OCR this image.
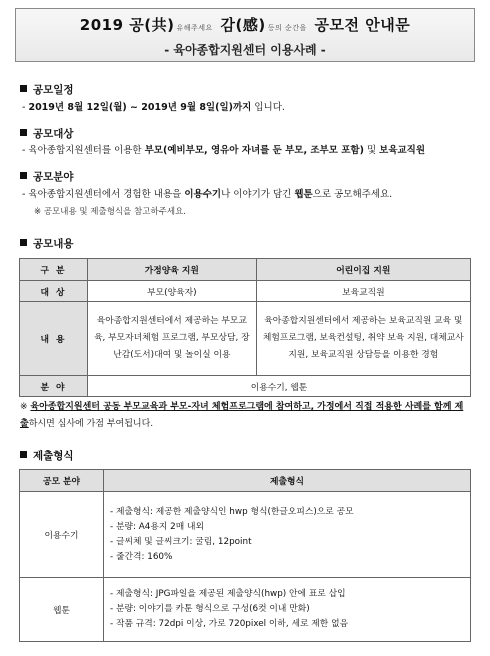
2019 공(共) 유해주세요 감(感) 등의 순간을 공모전 안내문
- 육아종합지원센터 이용사례 -
공모일정
- 2019년 8월 12일(월) ~ 2019년 9월 8일(일)까지 입니다.
공모대상
- 육아종합지원센터를 이용한 부모(예비부모, 영유아 자녀를 둔 부모, 조부모 포함) 및 보육교직원
공모분야
- 육아종합지원센터에서 경험한 내용을 이용수기나 이야기가 담긴 웹툰으로 공모해주세요.
※ 공모내용 및 제출형식을 참고하주세요.
공모내용
구 분	가정양육 지원	어린이집 지원
대 상	부모(양육자)	보육교직원
내 용	육아종합지원센터에서 제공하는 부모교육, 부모자녀체험 프로그램, 부모상담, 장난감(도서)대여 및 놀이실 이용	육아종합지원센터에서 제공하는 보육교직원 교육 및 체험프로그램, 보육컨설팅, 취약 보육 지원, 대체교사 지원, 보육교직원 상담등을 이용한 경험
분 야	이용수기, 웹툰	
※ 육아종합지원센터 공동 부모교육과 부모-자녀 체험프로그램에 참여하고, 가정에서 직접 적용한 사례를 함께 제출하시면 심사에 가점 부여됩니다.
제출형식
공모 분야	제출형식
이용수기	- 제출형식: 제공한 제출양식인 hwp 형식(한글오피스)으로 공모
- 분량: A4용지 2매 내외
- 글씨체 및 글씨크기: 굴림, 12point
- 줄간격: 160%

웹툰	- 제출형식: JPG파일을 제공된 제출양식(hwp) 안에 표로 삽입
- 분량: 이야기를 카툰 형식으로 구성(6컷 이내 만화)
- 작품 규격: 72dpi 이상, 가로 720pixel 이하, 세로 제한 없음
